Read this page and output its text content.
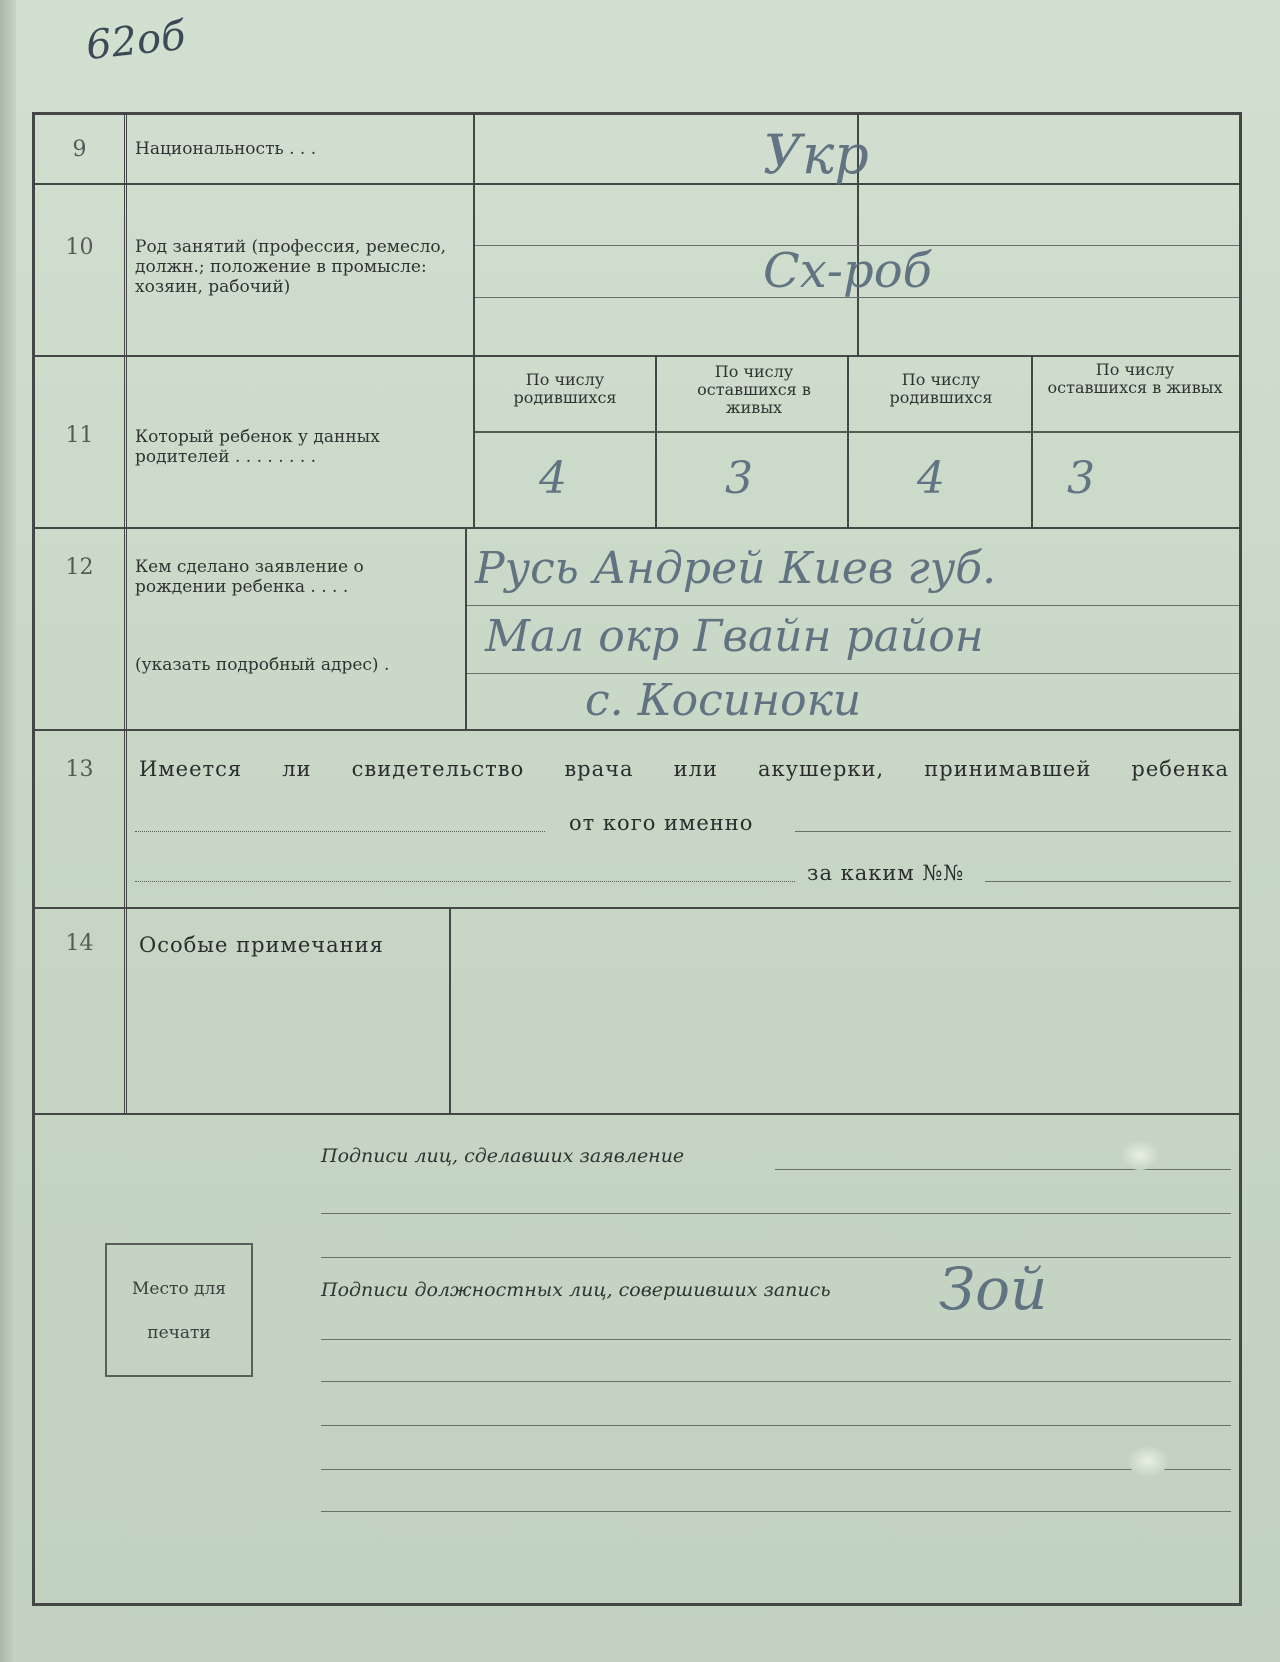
62об
9	Национальность . . .	Укр
10	Род занятий (профессия, ремесло, должн.; положение в промысле: хозяин, рабочий)	Сх-роб
11	Который ребенок у данных родителей . . . . . . . .
По числу родившихся
По числу оставшихся в живых
По числу родившихся
По числу оставшихся в живых
4	3	4	3
12	Кем сделано заявление о рождении ребенка . . . .
(указать подробный адрес) .
Русь Андрей Киев губ.
Мал окр Гвайн район
с. Косиноки
13	Имеется ли свидетельство врача или акушерки, принимавшей ребенка
от кого именно
за каким №№
14	Особые примечания
Подписи лиц, сделавших заявление
Подписи должностных лиц, совершивших запись Зой
Место для
печати
